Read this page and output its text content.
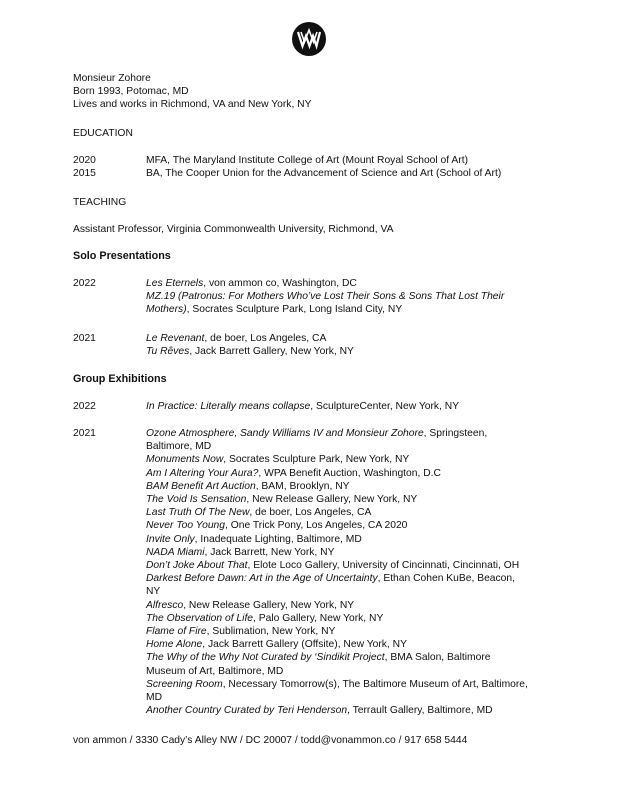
Monsieur Zohore
Born 1993, Potomac, MD
Lives and works in Richmond, VA and New York, NY
EDUCATION
2020	MFA, The Maryland Institute College of Art (Mount Royal School of Art)
2015	BA, The Cooper Union for the Advancement of Science and Art (School of Art)
TEACHING
Assistant Professor, Virginia Commonwealth University, Richmond, VA
Solo Presentations
2022	Les Eternels, von ammon co, Washington, DC
MZ.19 (Patronus: For Mothers Who’ve Lost Their Sons & Sons That Lost Their Mothers), Socrates Sculpture Park, Long Island City, NY
2021	Le Revenant, de boer, Los Angeles, CA
Tu Rêves, Jack Barrett Gallery, New York, NY
Group Exhibitions
2022	In Practice: Literally means collapse, SculptureCenter, New York, NY
2021	Ozone Atmosphere, Sandy Williams IV and Monsieur Zohore, Springsteen, Baltimore, MD
Monuments Now, Socrates Sculpture Park, New York, NY
Am I Altering Your Aura?, WPA Benefit Auction, Washington, D.C
BAM Benefit Art Auction, BAM, Brooklyn, NY
The Void Is Sensation, New Release Gallery, New York, NY
Last Truth Of The New, de boer, Los Angeles, CA
Never Too Young, One Trick Pony, Los Angeles, CA 2020
Invite Only, Inadequate Lighting, Baltimore, MD
NADA Miami, Jack Barrett, New York, NY
Don’t Joke About That, Elote Loco Gallery, University of Cincinnati, Cincinnati, OH
Darkest Before Dawn: Art in the Age of Uncertainty, Ethan Cohen KuBe, Beacon, NY
Alfresco, New Release Gallery, New York, NY
The Observation of Life, Palo Gallery, New York, NY
Flame of Fire, Sublimation, New York, NY
Home Alone, Jack Barrett Gallery (Offsite), New York, NY
The Why of the Why Not Curated by ‘Sindikit Project, BMA Salon, Baltimore Museum of Art, Baltimore, MD
Screening Room, Necessary Tomorrow(s), The Baltimore Museum of Art, Baltimore, MD
Another Country Curated by Teri Henderson, Terrault Gallery, Baltimore, MD
von ammon / 3330 Cady’s Alley NW / DC 20007 / todd@vonammon.co / 917 658 5444
